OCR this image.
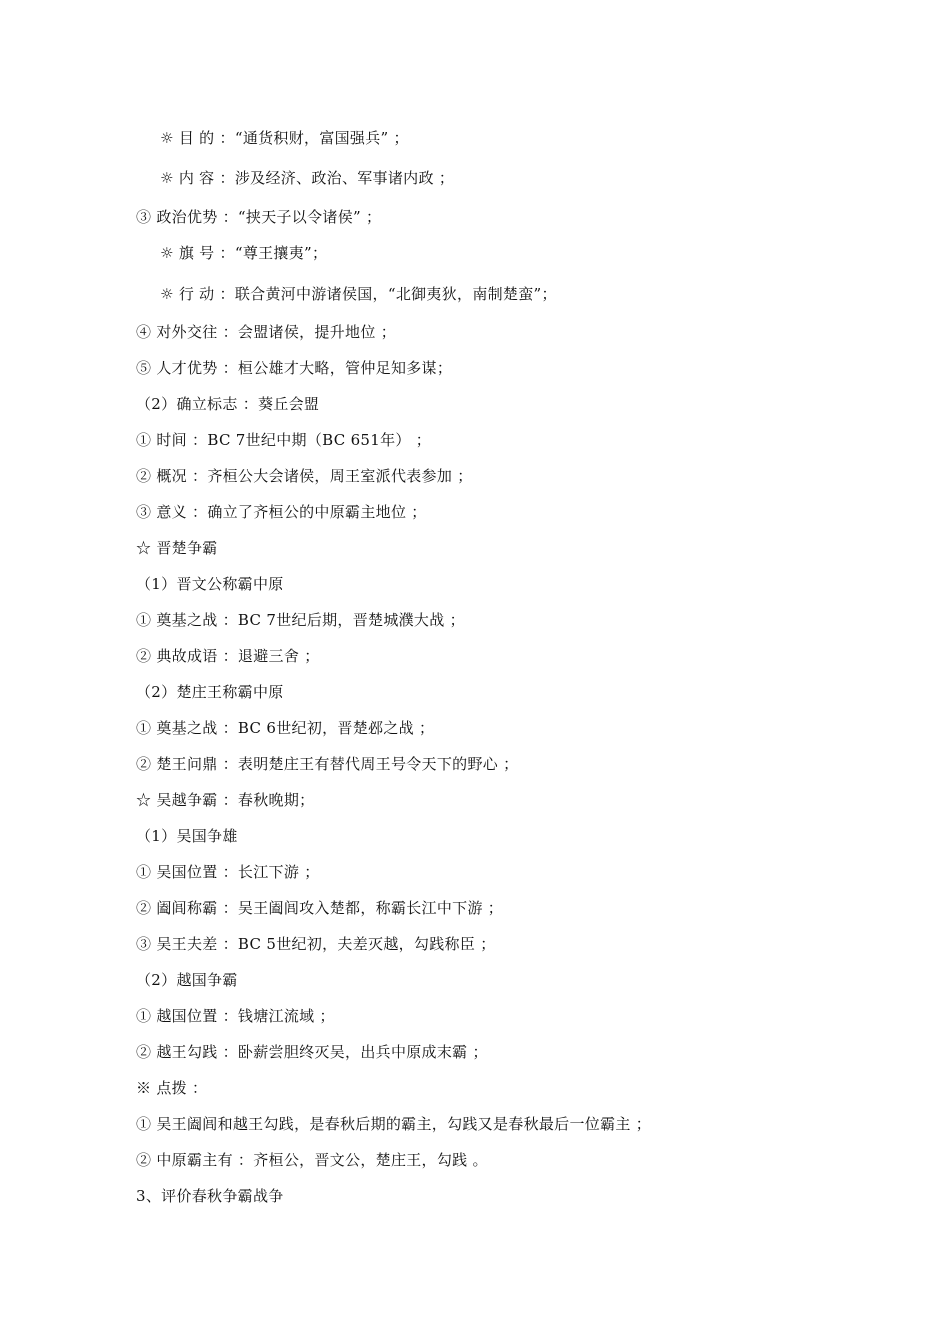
☼ 目 的 ：“通货积财，富国强兵” ；
☼ 内 容 ：涉及经济、政治、军事诸内政 ；
③ 政治优势 ：“挟天子以令诸侯” ；
☼ 旗 号 ：“尊王攘夷”；
☼ 行 动 ：联合黄河中游诸侯国，“北御夷狄，南制楚蛮”；
④ 对外交往 ：会盟诸侯，提升地位 ；
⑤ 人才优势 ：桓公雄才大略，管仲足知多谋；
（2）确立标志 ：葵丘会盟
① 时间 ：BC 7世纪中期（BC 651年） ；
② 概况 ：齐桓公大会诸侯，周王室派代表参加 ；
③ 意义 ：确立了齐桓公的中原霸主地位 ；
☆ 晋楚争霸
（1）晋文公称霸中原
① 奠基之战 ：BC 7世纪后期，晋楚城濮大战 ；
② 典故成语 ：退避三舍 ；
（2）楚庄王称霸中原
① 奠基之战 ：BC 6世纪初，晋楚邲之战 ；
② 楚王问鼎 ：表明楚庄王有替代周王号令天下的野心 ；
☆ 吴越争霸 ：春秋晚期；
（1）吴国争雄
① 吴国位置 ：长江下游 ；
② 阖闾称霸 ：吴王阖闾攻入楚都，称霸长江中下游 ；
③ 吴王夫差 ：BC 5世纪初，夫差灭越，勾践称臣 ；
（2）越国争霸
① 越国位置 ：钱塘江流域 ；
② 越王勾践 ：卧薪尝胆终灭吴，出兵中原成末霸 ；
※ 点拨 ：
① 吴王阖闾和越王勾践，是春秋后期的霸主，勾践又是春秋最后一位霸主 ；
② 中原霸主有 ：齐桓公，晋文公，楚庄王，勾践 。
3、评价春秋争霸战争
